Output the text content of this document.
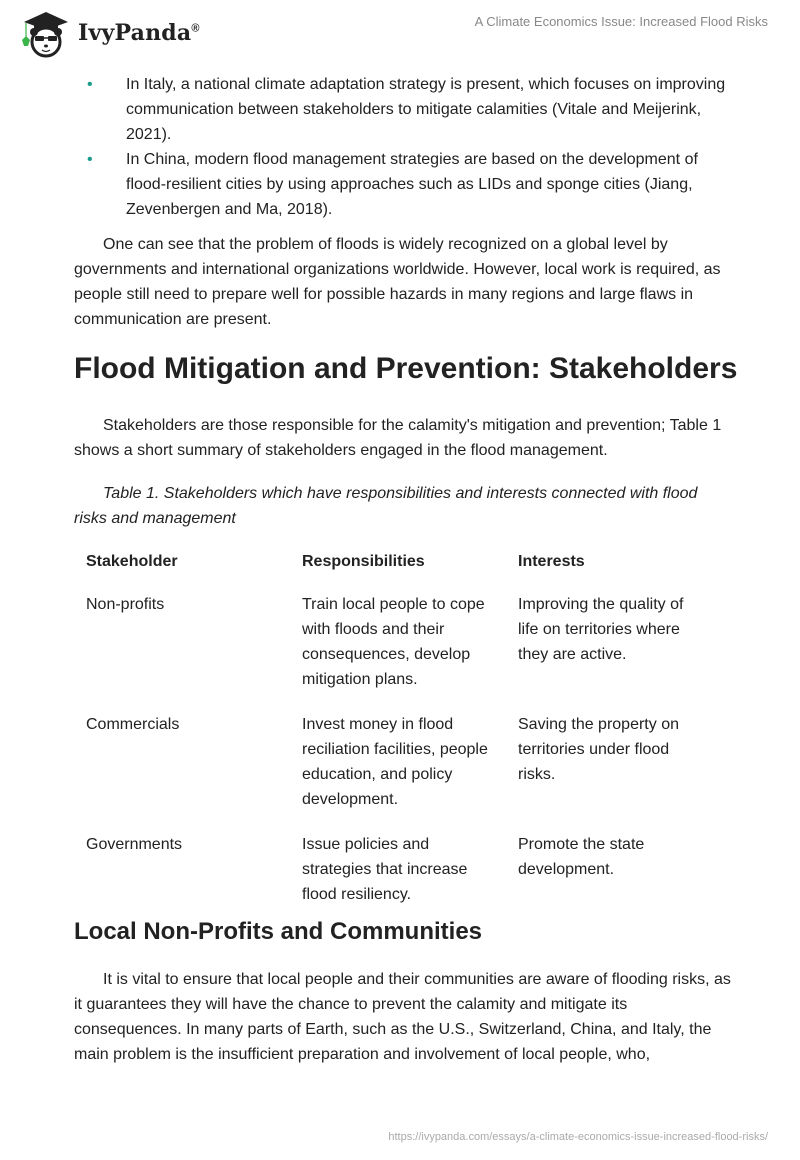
IvyPanda®	A Climate Economics Issue: Increased Flood Risks
• In Italy, a national climate adaptation strategy is present, which focuses on improving communication between stakeholders to mitigate calamities (Vitale and Meijerink, 2021).
• In China, modern flood management strategies are based on the development of flood-resilient cities by using approaches such as LIDs and sponge cities (Jiang, Zevenbergen and Ma, 2018).

One can see that the problem of floods is widely recognized on a global level by governments and international organizations worldwide. However, local work is required, as people still need to prepare well for possible hazards in many regions and large flaws in communication are present.

Flood Mitigation and Prevention: Stakeholders

Stakeholders are those responsible for the calamity's mitigation and prevention; Table 1 shows a short summary of stakeholders engaged in the flood management.

Table 1. Stakeholders which have responsibilities and interests connected with flood risks and management

Stakeholder	Responsibilities	Interests
Non-profits	Train local people to cope with floods and their consequences, develop mitigation plans.	Improving the quality of life on territories where they are active.
Commercials	Invest money in flood reciliation facilities, people education, and policy development.	Saving the property on territories under flood risks.
Governments	Issue policies and strategies that increase flood resiliency.	Promote the state development.
Local Non-Profits and Communities

It is vital to ensure that local people and their communities are aware of flooding risks, as it guarantees they will have the chance to prevent the calamity and mitigate its consequences. In many parts of Earth, such as the U.S., Switzerland, China, and Italy, the main problem is the insufficient preparation and involvement of local people, who,

https://ivypanda.com/essays/a-climate-economics-issue-increased-flood-risks/
